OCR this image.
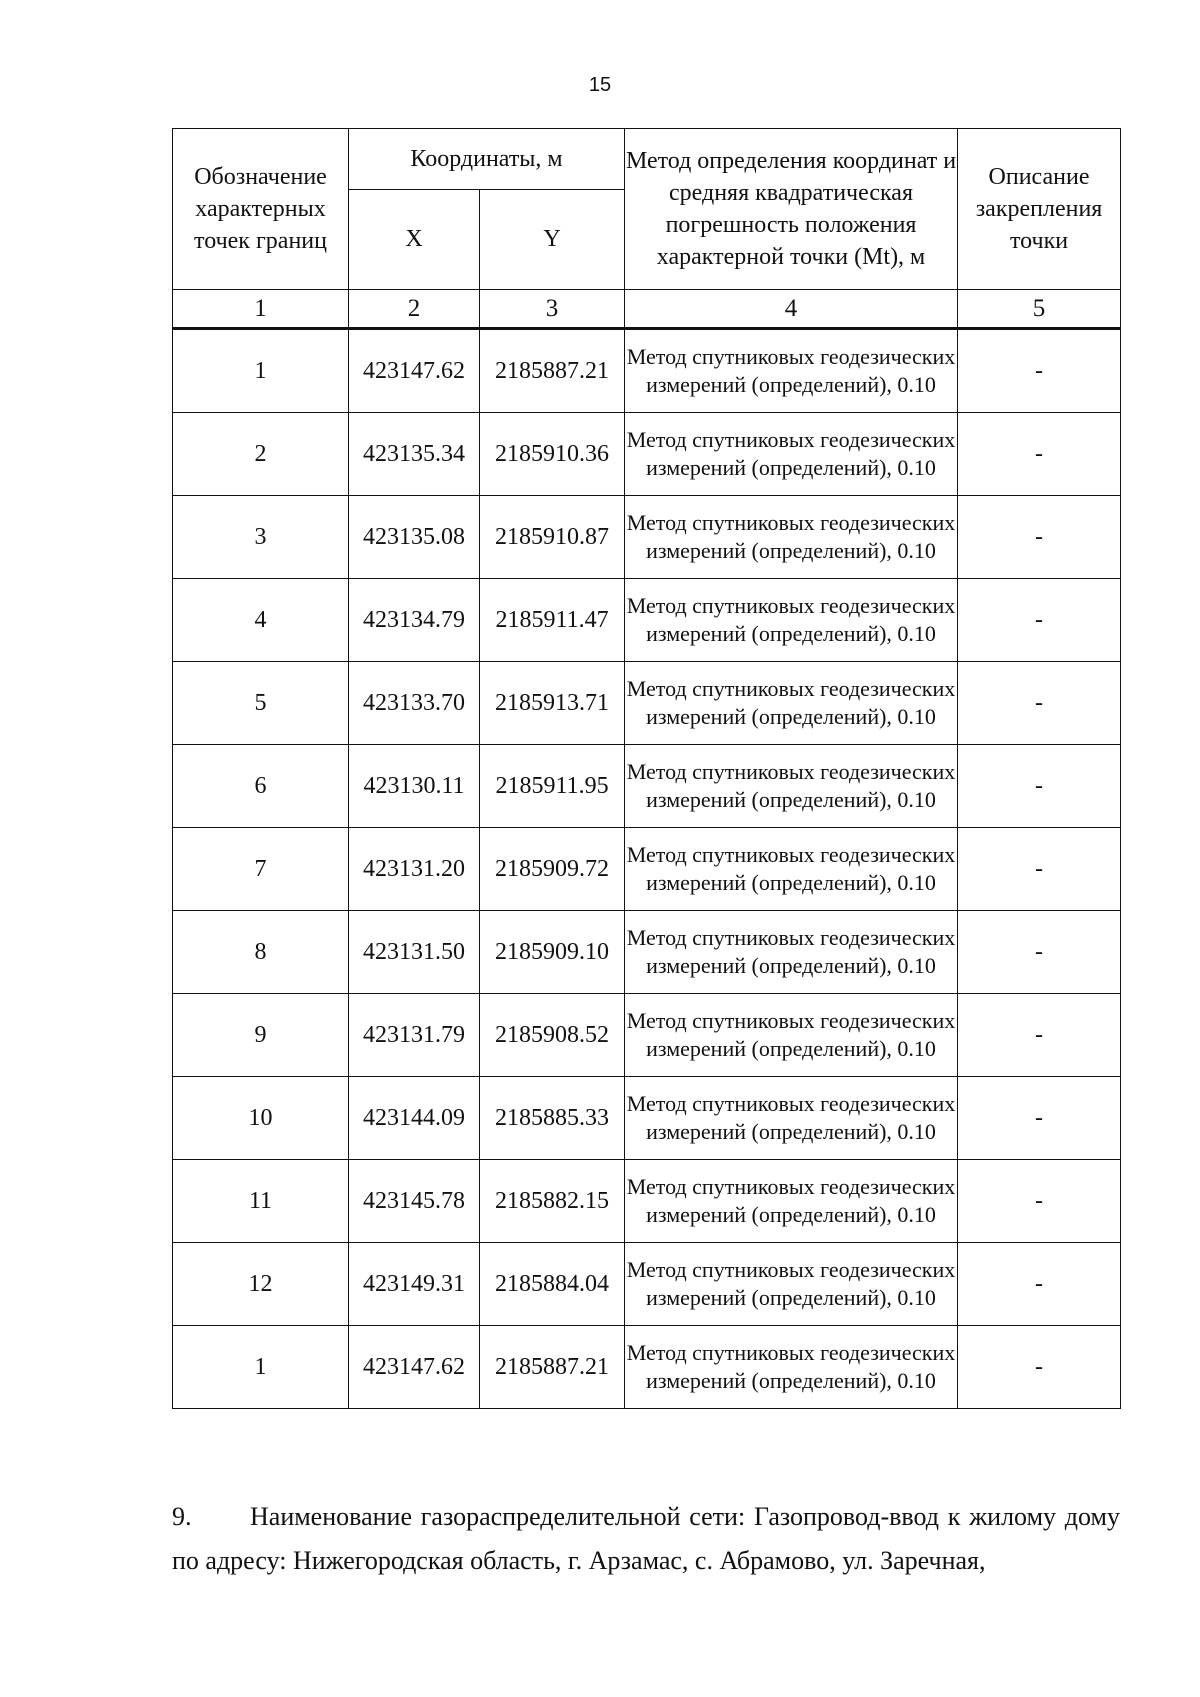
15
Обозначение характерных точек границ	Координаты, м		Метод определения координат и средняя квадратическая погрешность положения характерной точки (Mt), м	Описание закрепления точки
	X	Y		
1	2	3	4	5
1	423147.62	2185887.21	Метод спутниковых геодезических измерений (определений), 0.10	-
2	423135.34	2185910.36	Метод спутниковых геодезических измерений (определений), 0.10	-
3	423135.08	2185910.87	Метод спутниковых геодезических измерений (определений), 0.10	-
4	423134.79	2185911.47	Метод спутниковых геодезических измерений (определений), 0.10	-
5	423133.70	2185913.71	Метод спутниковых геодезических измерений (определений), 0.10	-
6	423130.11	2185911.95	Метод спутниковых геодезических измерений (определений), 0.10	-
7	423131.20	2185909.72	Метод спутниковых геодезических измерений (определений), 0.10	-
8	423131.50	2185909.10	Метод спутниковых геодезических измерений (определений), 0.10	-
9	423131.79	2185908.52	Метод спутниковых геодезических измерений (определений), 0.10	-
10	423144.09	2185885.33	Метод спутниковых геодезических измерений (определений), 0.10	-
11	423145.78	2185882.15	Метод спутниковых геодезических измерений (определений), 0.10	-
12	423149.31	2185884.04	Метод спутниковых геодезических измерений (определений), 0.10	-
1	423147.62	2185887.21	Метод спутниковых геодезических измерений (определений), 0.10	-

9. Наименование газораспределительной сети: Газопровод-ввод к жилому дому по адресу: Нижегородская область, г. Арзамас, с. Абрамово, ул. Заречная,
